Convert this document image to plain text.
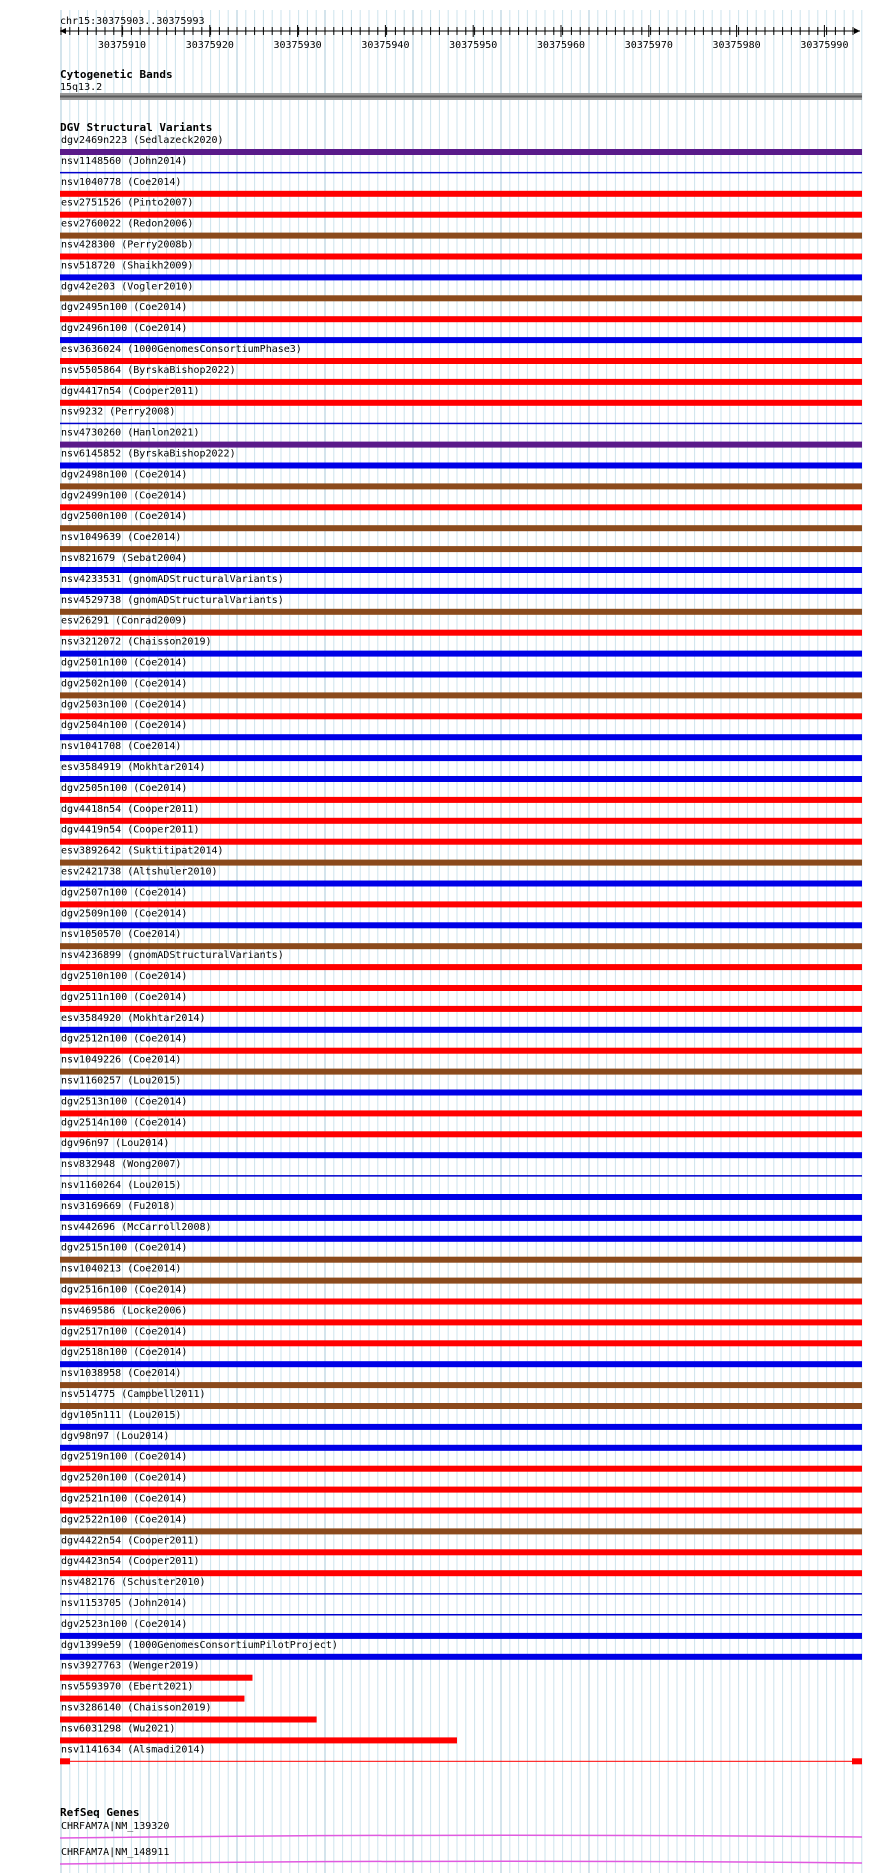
chr15:30375903..30375993
30375910	30375920	30375930	30375940	30375950	30375960	30375970	30375980	30375990
Cytogenetic Bands
15q13.2
DGV Structural Variants
dgv2469n223 (Sedlazeck2020)
nsv1148560 (John2014)
nsv1040778 (Coe2014)
esv2751526 (Pinto2007)
esv2760022 (Redon2006)
nsv428300 (Perry2008b)
nsv518720 (Shaikh2009)
dgv42e203 (Vogler2010)
dgv2495n100 (Coe2014)
dgv2496n100 (Coe2014)
esv3636024 (1000GenomesConsortiumPhase3)
nsv5505864 (ByrskaBishop2022)
dgv4417n54 (Cooper2011)
nsv9232 (Perry2008)
nsv4730260 (Hanlon2021)
nsv6145852 (ByrskaBishop2022)
dgv2498n100 (Coe2014)
dgv2499n100 (Coe2014)
dgv2500n100 (Coe2014)
nsv1049639 (Coe2014)
nsv821679 (Sebat2004)
nsv4233531 (gnomADStructuralVariants)
nsv4529738 (gnomADStructuralVariants)
esv26291 (Conrad2009)
nsv3212072 (Chaisson2019)
dgv2501n100 (Coe2014)
dgv2502n100 (Coe2014)
dgv2503n100 (Coe2014)
dgv2504n100 (Coe2014)
nsv1041708 (Coe2014)
esv3584919 (Mokhtar2014)
dgv2505n100 (Coe2014)
dgv4418n54 (Cooper2011)
dgv4419n54 (Cooper2011)
esv3892642 (Suktitipat2014)
esv2421738 (Altshuler2010)
dgv2507n100 (Coe2014)
dgv2509n100 (Coe2014)
nsv1050570 (Coe2014)
nsv4236899 (gnomADStructuralVariants)
dgv2510n100 (Coe2014)
dgv2511n100 (Coe2014)
esv3584920 (Mokhtar2014)
dgv2512n100 (Coe2014)
nsv1049226 (Coe2014)
nsv1160257 (Lou2015)
dgv2513n100 (Coe2014)
dgv2514n100 (Coe2014)
dgv96n97 (Lou2014)
nsv832948 (Wong2007)
nsv1160264 (Lou2015)
nsv3169669 (Fu2018)
nsv442696 (McCarroll2008)
dgv2515n100 (Coe2014)
nsv1040213 (Coe2014)
dgv2516n100 (Coe2014)
nsv469586 (Locke2006)
dgv2517n100 (Coe2014)
dgv2518n100 (Coe2014)
nsv1038958 (Coe2014)
nsv514775 (Campbell2011)
dgv105n111 (Lou2015)
dgv98n97 (Lou2014)
dgv2519n100 (Coe2014)
dgv2520n100 (Coe2014)
dgv2521n100 (Coe2014)
dgv2522n100 (Coe2014)
dgv4422n54 (Cooper2011)
dgv4423n54 (Cooper2011)
nsv482176 (Schuster2010)
nsv1153705 (John2014)
dgv2523n100 (Coe2014)
dgv1399e59 (1000GenomesConsortiumPilotProject)
nsv3927763 (Wenger2019)
nsv5593970 (Ebert2021)
nsv3286140 (Chaisson2019)
nsv6031298 (Wu2021)
nsv1141634 (Alsmadi2014)
RefSeq Genes
CHRFAM7A|NM_139320
CHRFAM7A|NM_148911
